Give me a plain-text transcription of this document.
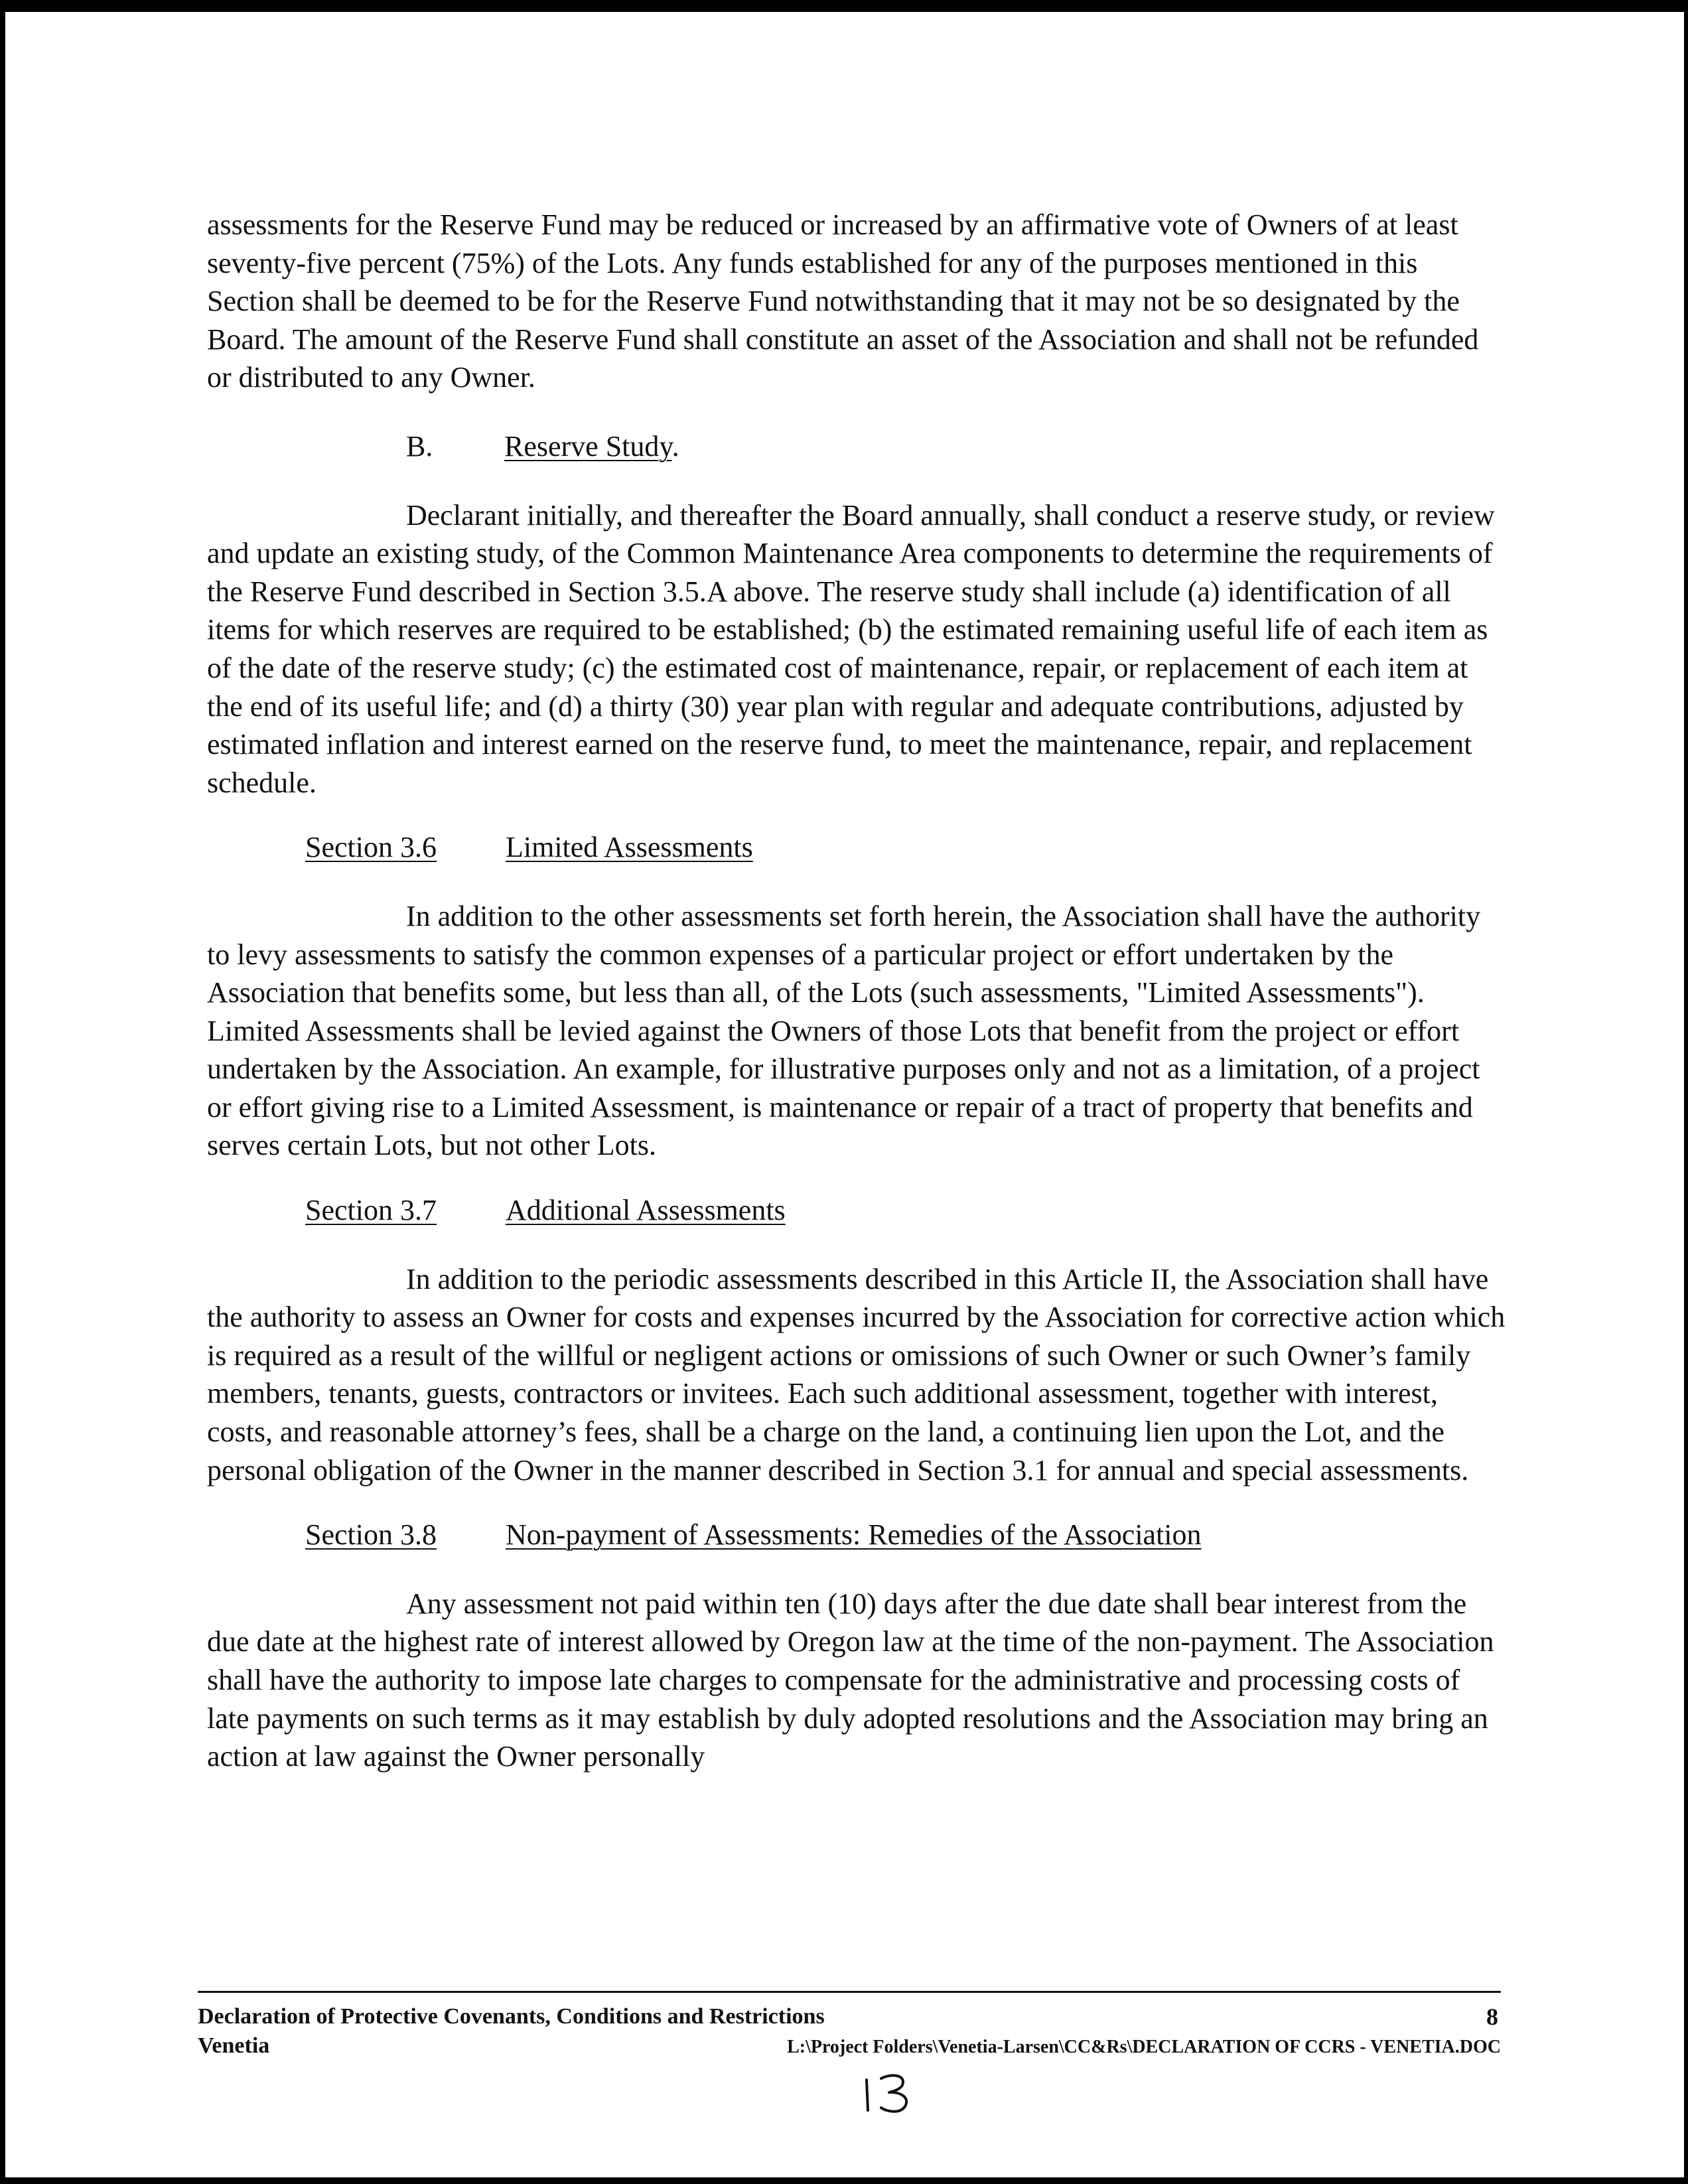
assessments for the Reserve Fund may be reduced or increased by an affirmative vote of Owners of at least seventy-five percent (75%) of the Lots. Any funds established for any of the purposes mentioned in this Section shall be deemed to be for the Reserve Fund notwithstanding that it may not be so designated by the Board. The amount of the Reserve Fund shall constitute an asset of the Association and shall not be refunded or distributed to any Owner.

B.	Reserve Study.

Declarant initially, and thereafter the Board annually, shall conduct a reserve study, or review and update an existing study, of the Common Maintenance Area components to determine the requirements of the Reserve Fund described in Section 3.5.A above. The reserve study shall include (a) identification of all items for which reserves are required to be established; (b) the estimated remaining useful life of each item as of the date of the reserve study; (c) the estimated cost of maintenance, repair, or replacement of each item at the end of its useful life; and (d) a thirty (30) year plan with regular and adequate contributions, adjusted by estimated inflation and interest earned on the reserve fund, to meet the maintenance, repair, and replacement schedule.

Section 3.6	Limited Assessments

In addition to the other assessments set forth herein, the Association shall have the authority to levy assessments to satisfy the common expenses of a particular project or effort undertaken by the Association that benefits some, but less than all, of the Lots (such assessments, "Limited Assessments"). Limited Assessments shall be levied against the Owners of those Lots that benefit from the project or effort undertaken by the Association. An example, for illustrative purposes only and not as a limitation, of a project or effort giving rise to a Limited Assessment, is maintenance or repair of a tract of property that benefits and serves certain Lots, but not other Lots.

Section 3.7	Additional Assessments

In addition to the periodic assessments described in this Article II, the Association shall have the authority to assess an Owner for costs and expenses incurred by the Association for corrective action which is required as a result of the willful or negligent actions or omissions of such Owner or such Owner’s family members, tenants, guests, contractors or invitees. Each such additional assessment, together with interest, costs, and reasonable attorney’s fees, shall be a charge on the land, a continuing lien upon the Lot, and the personal obligation of the Owner in the manner described in Section 3.1 for annual and special assessments.

Section 3.8	Non-payment of Assessments: Remedies of the Association

Any assessment not paid within ten (10) days after the due date shall bear interest from the due date at the highest rate of interest allowed by Oregon law at the time of the non-payment. The Association shall have the authority to impose late charges to compensate for the administrative and processing costs of late payments on such terms as it may establish by duly adopted resolutions and the Association may bring an action at law against the Owner personally

Declaration of Protective Covenants, Conditions and Restrictions	8
Venetia	L:\Project Folders\Venetia-Larsen\CC&Rs\DECLARATION OF CCRS - VENETIA.DOC
